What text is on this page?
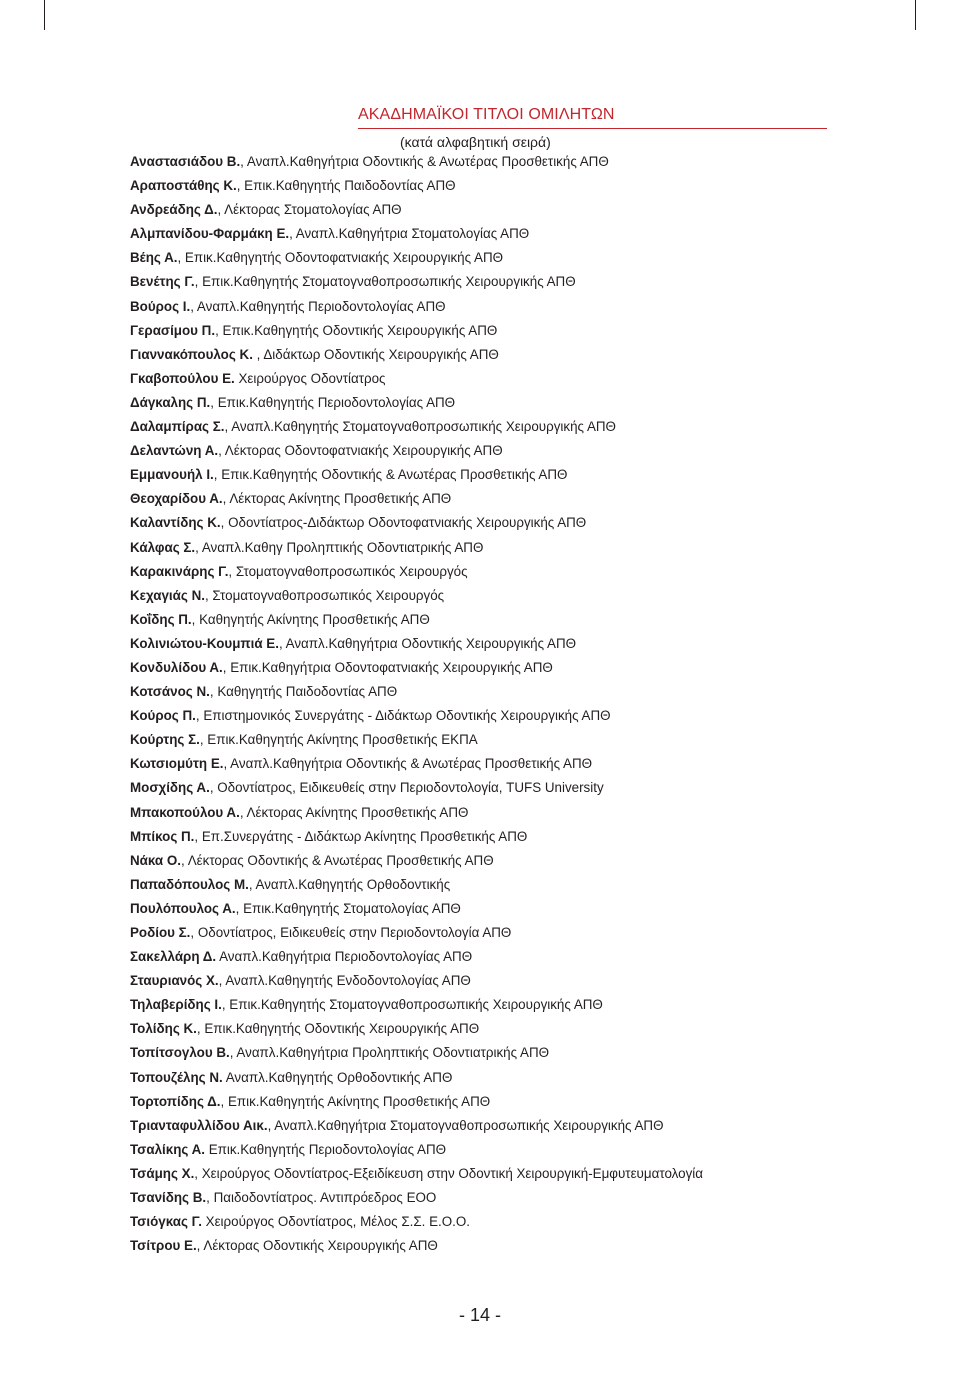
ΑΚΑΔΗΜΑΪΚΟΙ ΤΙΤΛΟΙ ΟΜΙΛΗΤΩΝ
(κατά αλφαβητική σειρά)
Αναστασιάδου Β., Αναπλ.Καθηγήτρια Οδοντικής & Ανωτέρας Προσθετικής ΑΠΘ
Αραποστάθης Κ., Επικ.Καθηγητής Παιδοδοντίας ΑΠΘ
Ανδρεάδης Δ., Λέκτορας Στοματολογίας ΑΠΘ
Αλμπανίδου-Φαρμάκη Ε., Αναπλ.Καθηγήτρια Στοματολογίας ΑΠΘ
Βέης Α., Επικ.Καθηγητής Οδοντοφατνιακής Χειρουργικής ΑΠΘ
Βενέτης Γ., Επικ.Καθηγητής Στοματογναθοπροσωπικής Χειρουργικής ΑΠΘ
Βούρος Ι., Αναπλ.Καθηγητής Περιοδοντολογίας ΑΠΘ
Γερασίμου Π., Επικ.Καθηγητής Οδοντικής Χειρουργικής ΑΠΘ
Γιαννακόπουλος Κ. , Διδάκτωρ Οδοντικής Χειρουργικής ΑΠΘ
Γκαβοπούλου Ε. Χειρούργος Οδοντίατρος
Δάγκαλης Π., Επικ.Καθηγητής Περιοδοντολογίας ΑΠΘ
Δαλαμπίρας Σ., Αναπλ.Καθηγητής Στοματογναθοπροσωπικής Χειρουργικής ΑΠΘ
Δελαντώνη Α., Λέκτορας Οδοντοφατνιακής Χειρουργικής ΑΠΘ
Εμμανουήλ Ι., Επικ.Καθηγητής Οδοντικής & Ανωτέρας Προσθετικής ΑΠΘ
Θεοχαρίδου Α., Λέκτορας Ακίνητης Προσθετικής ΑΠΘ
Καλαντίδης Κ., Οδοντίατρος-Διδάκτωρ Οδοντοφατνιακής Χειρουργικής ΑΠΘ
Κάλφας Σ., Αναπλ.Καθηγ Προληπτικής Οδοντιατρικής ΑΠΘ
Καρακινάρης Γ., Στοματογναθοπροσωπικός Χειρουργός
Κεχαγιάς Ν., Στοματογναθοπροσωπικός Χειρουργός
Κοΐδης Π., Καθηγητής Ακίνητης Προσθετικής ΑΠΘ
Κολινιώτου-Κουμπιά Ε., Αναπλ.Καθηγήτρια Οδοντικής Χειρουργικής ΑΠΘ
Κονδυλίδου Α., Επικ.Καθηγήτρια Οδοντοφατνιακής Χειρουργικής ΑΠΘ
Κοτσάνος Ν., Καθηγητής Παιδοδοντίας ΑΠΘ
Κούρος Π., Επιστημονικός Συνεργάτης - Διδάκτωρ Οδοντικής Χειρουργικής ΑΠΘ
Κούρτης Σ., Επικ.Καθηγητής Ακίνητης Προσθετικής ΕΚΠΑ
Κωτσιομύτη Ε., Αναπλ.Καθηγήτρια Οδοντικής & Ανωτέρας Προσθετικής ΑΠΘ
Μοσχίδης Α., Οδοντίατρος, Ειδικευθείς στην Περιοδοντολογία, TUFS University
Μπακοπούλου Α., Λέκτορας Ακίνητης Προσθετικής ΑΠΘ
Μπίκος Π., Επ.Συνεργάτης - Διδάκτωρ Ακίνητης Προσθετικής ΑΠΘ
Νάκα Ο., Λέκτορας Οδοντικής & Ανωτέρας Προσθετικής ΑΠΘ
Παπαδόπουλος Μ., Αναπλ.Καθηγητής Ορθοδοντικής
Πουλόπουλος Α., Επικ.Καθηγητής Στοματολογίας ΑΠΘ
Ροδίου Σ., Οδοντίατρος, Ειδικευθείς στην Περιοδοντολογία ΑΠΘ
Σακελλάρη Δ. Αναπλ.Καθηγήτρια Περιοδοντολογίας ΑΠΘ
Σταυριανός Χ., Αναπλ.Καθηγητής Ενδοδοντολογίας ΑΠΘ
Τηλαβερίδης Ι., Επικ.Καθηγητής Στοματογναθοπροσωπικής Χειρουργικής ΑΠΘ
Τολίδης Κ., Επικ.Καθηγητής Οδοντικής Χειρουργικής ΑΠΘ
Τοπίτσογλου Β., Αναπλ.Καθηγήτρια Προληπτικής Οδοντιατρικής ΑΠΘ
Τοπουζέλης Ν. Αναπλ.Καθηγητής Ορθοδοντικής ΑΠΘ
Τορτοπίδης Δ., Επικ.Καθηγητής Ακίνητης Προσθετικής ΑΠΘ
Τριανταφυλλίδου Αικ., Αναπλ.Καθηγήτρια Στοματογναθοπροσωπικής Χειρουργικής ΑΠΘ
Τσαλίκης Α. Επικ.Καθηγητής Περιοδοντολογίας ΑΠΘ
Τσάμης Χ., Χειρούργος Οδοντίατρος-Εξειδίκευση στην Οδοντική Χειρουργική-Εμφυτευματολογία
Τσανίδης Β., Παιδοδοντίατρος. Αντιπρόεδρος ΕΟΟ
Τσιόγκας Γ. Χειρούργος Οδοντίατρος, Μέλος Σ.Σ. Ε.Ο.Ο.
Τσίτρου Ε., Λέκτορας Οδοντικής Χειρουργικής ΑΠΘ
- 14 -
